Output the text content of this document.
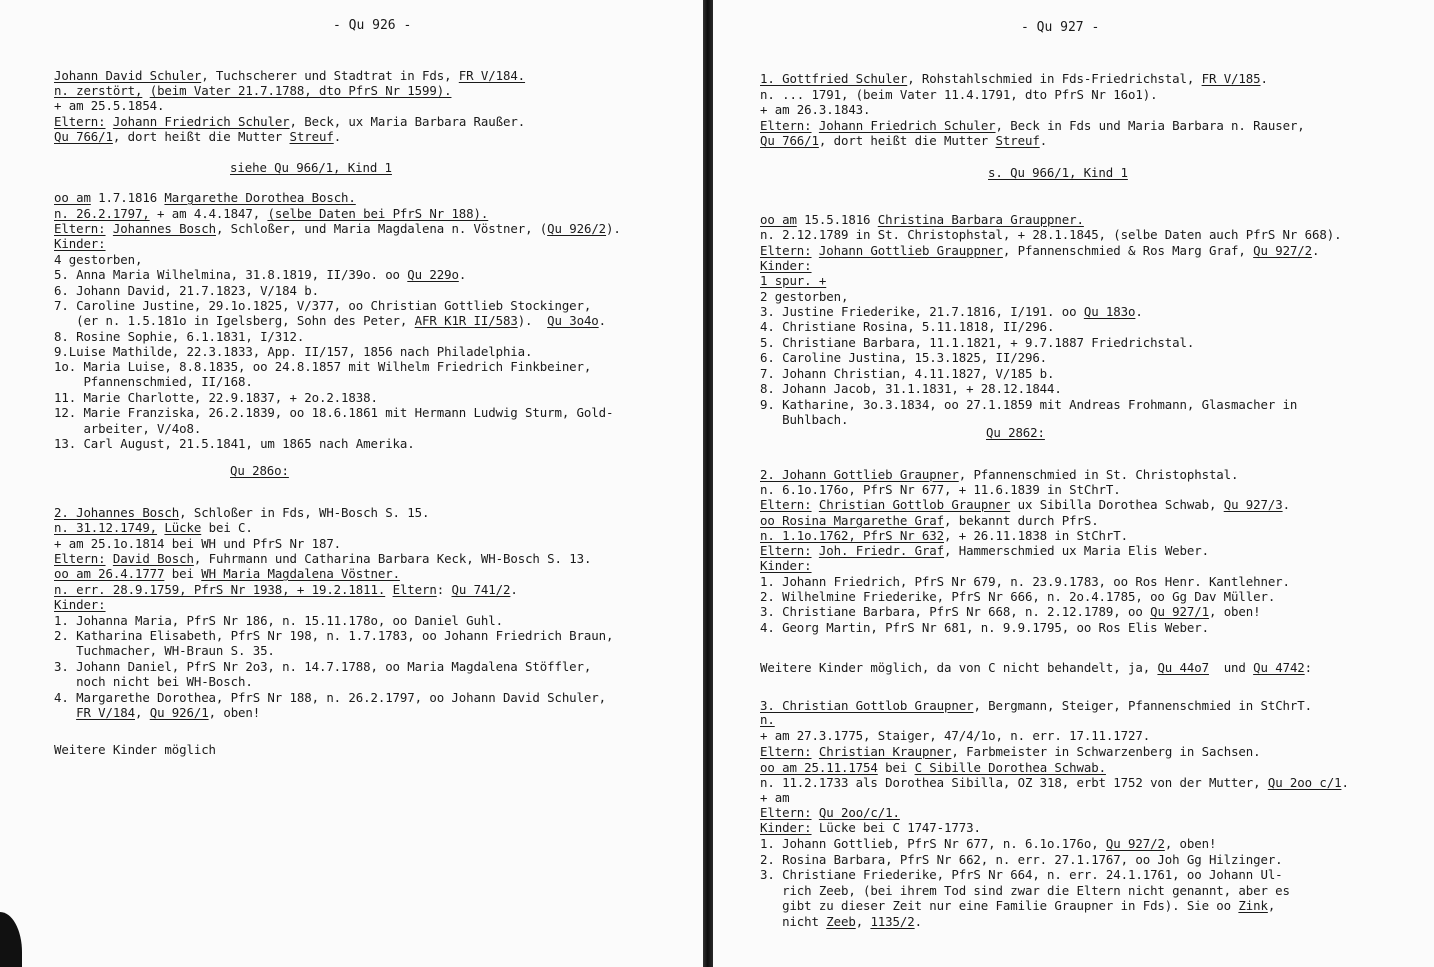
- Qu 926 -
Johann David Schuler, Tuchscherer und Stadtrat in Fds, FR V/184.
n. zerstört, (beim Vater 21.7.1788, dto PfrS Nr 1599).
+ am 25.5.1854.
Eltern: Johann Friedrich Schuler, Beck, ux Maria Barbara Raußer.
Qu 766/1, dort heißt die Mutter Streuf.
siehe Qu 966/1, Kind 1
oo am 1.7.1816 Margarethe Dorothea Bosch.
n. 26.2.1797, + am 4.4.1847, (selbe Daten bei PfrS Nr 188).
Eltern: Johannes Bosch, Schloßer, und Maria Magdalena n. Vöstner, (Qu 926/2).
Kinder:
4 gestorben,
5. Anna Maria Wilhelmina, 31.8.1819, II/39o. oo Qu 229o.
6. Johann David, 21.7.1823, V/184 b.
7. Caroline Justine, 29.1o.1825, V/377, oo Christian Gottlieb Stockinger,
(er n. 1.5.181o in Igelsberg, Sohn des Peter, AFR K1R II/583).  Qu 3o4o.
8. Rosine Sophie, 6.1.1831, I/312.
9.Luise Mathilde, 22.3.1833, App. II/157, 1856 nach Philadelphia.
1o. Maria Luise, 8.8.1835, oo 24.8.1857 mit Wilhelm Friedrich Finkbeiner,
Pfannenschmied, II/168.
11. Marie Charlotte, 22.9.1837, + 2o.2.1838.
12. Marie Franziska, 26.2.1839, oo 18.6.1861 mit Hermann Ludwig Sturm, Gold-
arbeiter, V/4o8.
13. Carl August, 21.5.1841, um 1865 nach Amerika.
Qu 286o:
2. Johannes Bosch, Schloßer in Fds, WH-Bosch S. 15.
n. 31.12.1749, Lücke bei C.
+ am 25.1o.1814 bei WH und PfrS Nr 187.
Eltern: David Bosch, Fuhrmann und Catharina Barbara Keck, WH-Bosch S. 13.
oo am 26.4.1777 bei WH Maria Magdalena Vöstner.
n. err. 28.9.1759, PfrS Nr 1938, + 19.2.1811. Eltern: Qu 741/2.
Kinder:
1. Johanna Maria, PfrS Nr 186, n. 15.11.178o, oo Daniel Guhl.
2. Katharina Elisabeth, PfrS Nr 198, n. 1.7.1783, oo Johann Friedrich Braun,
Tuchmacher, WH-Braun S. 35.
3. Johann Daniel, PfrS Nr 2o3, n. 14.7.1788, oo Maria Magdalena Stöffler,
noch nicht bei WH-Bosch.
4. Margarethe Dorothea, PfrS Nr 188, n. 26.2.1797, oo Johann David Schuler,
FR V/184, Qu 926/1, oben!
Weitere Kinder möglich
- Qu 927 -
1. Gottfried Schuler, Rohstahlschmied in Fds-Friedrichstal, FR V/185.
n. ... 1791, (beim Vater 11.4.1791, dto PfrS Nr 16o1).
+ am 26.3.1843.
Eltern: Johann Friedrich Schuler, Beck in Fds und Maria Barbara n. Rauser,
Qu 766/1, dort heißt die Mutter Streuf.
s. Qu 966/1, Kind 1
oo am 15.5.1816 Christina Barbara Grauppner.
n. 2.12.1789 in St. Christophstal, + 28.1.1845, (selbe Daten auch PfrS Nr 668).
Eltern: Johann Gottlieb Grauppner, Pfannenschmied & Ros Marg Graf, Qu 927/2.
Kinder:
1 spur. +
2 gestorben,
3. Justine Friederike, 21.7.1816, I/191. oo Qu 183o.
4. Christiane Rosina, 5.11.1818, II/296.
5. Christiane Barbara, 11.1.1821, + 9.7.1887 Friedrichstal.
6. Caroline Justina, 15.3.1825, II/296.
7. Johann Christian, 4.11.1827, V/185 b.
8. Johann Jacob, 31.1.1831, + 28.12.1844.
9. Katharine, 3o.3.1834, oo 27.1.1859 mit Andreas Frohmann, Glasmacher in
Buhlbach.
Qu 2862:
2. Johann Gottlieb Graupner, Pfannenschmied in St. Christophstal.
n. 6.1o.176o, PfrS Nr 677, + 11.6.1839 in StChrT.
Eltern: Christian Gottlob Graupner ux Sibilla Dorothea Schwab, Qu 927/3.
oo Rosina Margarethe Graf, bekannt durch PfrS.
n. 1.1o.1762, PfrS Nr 632, + 26.11.1838 in StChrT.
Eltern: Joh. Friedr. Graf, Hammerschmied ux Maria Elis Weber.
Kinder:
1. Johann Friedrich, PfrS Nr 679, n. 23.9.1783, oo Ros Henr. Kantlehner.
2. Wilhelmine Friederike, PfrS Nr 666, n. 2o.4.1785, oo Gg Dav Müller.
3. Christiane Barbara, PfrS Nr 668, n. 2.12.1789, oo Qu 927/1, oben!
4. Georg Martin, PfrS Nr 681, n. 9.9.1795, oo Ros Elis Weber.
Weitere Kinder möglich, da von C nicht behandelt, ja, Qu 44o7  und Qu 4742:
3. Christian Gottlob Graupner, Bergmann, Steiger, Pfannenschmied in StChrT.
n.
+ am 27.3.1775, Staiger, 47/4/1o, n. err. 17.11.1727.
Eltern: Christian Kraupner, Farbmeister in Schwarzenberg in Sachsen.
oo am 25.11.1754 bei C Sibille Dorothea Schwab.
n. 11.2.1733 als Dorothea Sibilla, OZ 318, erbt 1752 von der Mutter, Qu 2oo c/1.
+ am
Eltern: Qu 2oo/c/1.
Kinder: Lücke bei C 1747-1773.
1. Johann Gottlieb, PfrS Nr 677, n. 6.1o.176o, Qu 927/2, oben!
2. Rosina Barbara, PfrS Nr 662, n. err. 27.1.1767, oo Joh Gg Hilzinger.
3. Christiane Friederike, PfrS Nr 664, n. err. 24.1.1761, oo Johann Ul-
rich Zeeb, (bei ihrem Tod sind zwar die Eltern nicht genannt, aber es
gibt zu dieser Zeit nur eine Familie Graupner in Fds). Sie oo Zink,
nicht Zeeb, 1135/2.
